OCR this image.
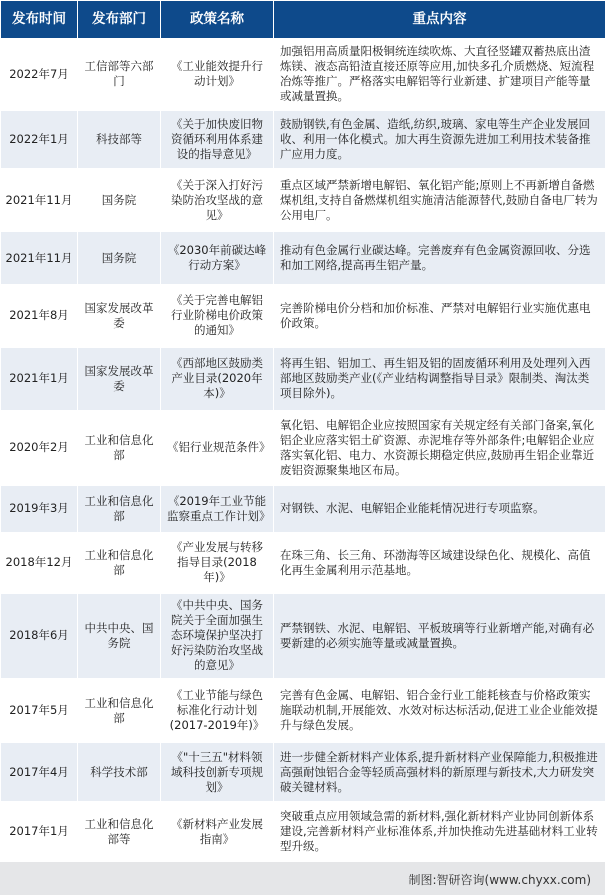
发布时间	发布部门	政策名称	重点内容
2022年7月	工信部等六部门	《工业能效提升行动计划》	加强铝用高质量阳极铜统连续吹炼、大直径竖罐双蓄热底出渣炼镁、液态高铅渣直接还原等应用,加快多孔介质燃烧、短流程冶炼等推广。严格落实电解铝等行业新建、扩建项目产能等量或减量置换。
2022年1月	科技部等	《关于加快废旧物资循环利用体系建设的指导意见》	鼓励钢铁,有色金属、造纸,纺织,玻璃、家电等生产企业发展回收、利用一体化模式。加大再生资源先进加工利用技术装备推广应用力度。
2021年11月	国务院	《关于深入打好污染防治攻坚战的意见》	重点区域严禁新增电解铝、氧化铝产能;原则上不再新增自备燃煤机组,支持自备燃煤机组实施清洁能源替代,鼓励自备电厂转为公用电厂。
2021年11月	国务院	《2030年前碳达峰行动方案》	推动有色金属行业碳达峰。完善废弃有色金属资源回收、分选和加工网络,提高再生铝产量。
2021年8月	国家发展改革委	《关于完善电解铝行业阶梯电价政策的通知》	完善阶梯电价分档和加价标准、严禁对电解铝行业实施优惠电价政策。
2021年1月	国家发展改革委	《西部地区鼓励类产业目录(2020年本)》	将再生铝、铝加工、再生铝及铝的固废循环利用及处理列入西部地区鼓励类产业(《产业结构调整指导目录》限制类、淘汰类项目除外)。
2020年2月	工业和信息化部	《铝行业规范条件》	氧化铝、电解铝企业应按照国家有关规定经有关部门备案,氧化铝企业应落实铝土矿资源、赤泥堆存等外部条件;电解铝企业应落实氧化铝、电力、水资源长期稳定供应,鼓励再生铝企业靠近废铝资源聚集地区布局。
2019年3月	工业和信息化部	《2019年工业节能监察重点工作计划》	对钢铁、水泥、电解铝企业能耗情况进行专项监察。
2018年12月	工业和信息化部	《产业发展与转移指导目录(2018年)》	在珠三角、长三角、环渤海等区域建设绿色化、规模化、高值化再生金属利用示范基地。
2018年6月	中共中央、国务院	《中共中央、国务院关于全面加强生态环境保护坚决打好污染防治攻坚战的意见》	严禁钢铁、水泥、电解铝、平板玻璃等行业新增产能,对确有必要新建的必须实施等量或减量置换。
2017年5月	工业和信息化部	《工业节能与绿色标准化行动计划(2017-2019年)》	完善有色金属、电解铝、铝合金行业工能耗核查与价格政策实施联动机制,开展能效、水效对标达标活动,促进工业企业能效提升与绿色发展。
2017年4月	科学技术部	《"十三五"材料领域科技创新专项规划》	进一步健全新材料产业体系,提升新材料产业保障能力,积极推进高强耐蚀铝合金等轻质高强材料的新原理与新技术,大力研发突破关键材料。
2017年1月	工业和信息化部等	《新材料产业发展指南》	突破重点应用领域急需的新材料,强化新材料产业协同创新体系建设,完善新材料产业标准体系,并加快推动先进基础材料工业转型升级。
制图:智研咨询(www.chyxx.com)
